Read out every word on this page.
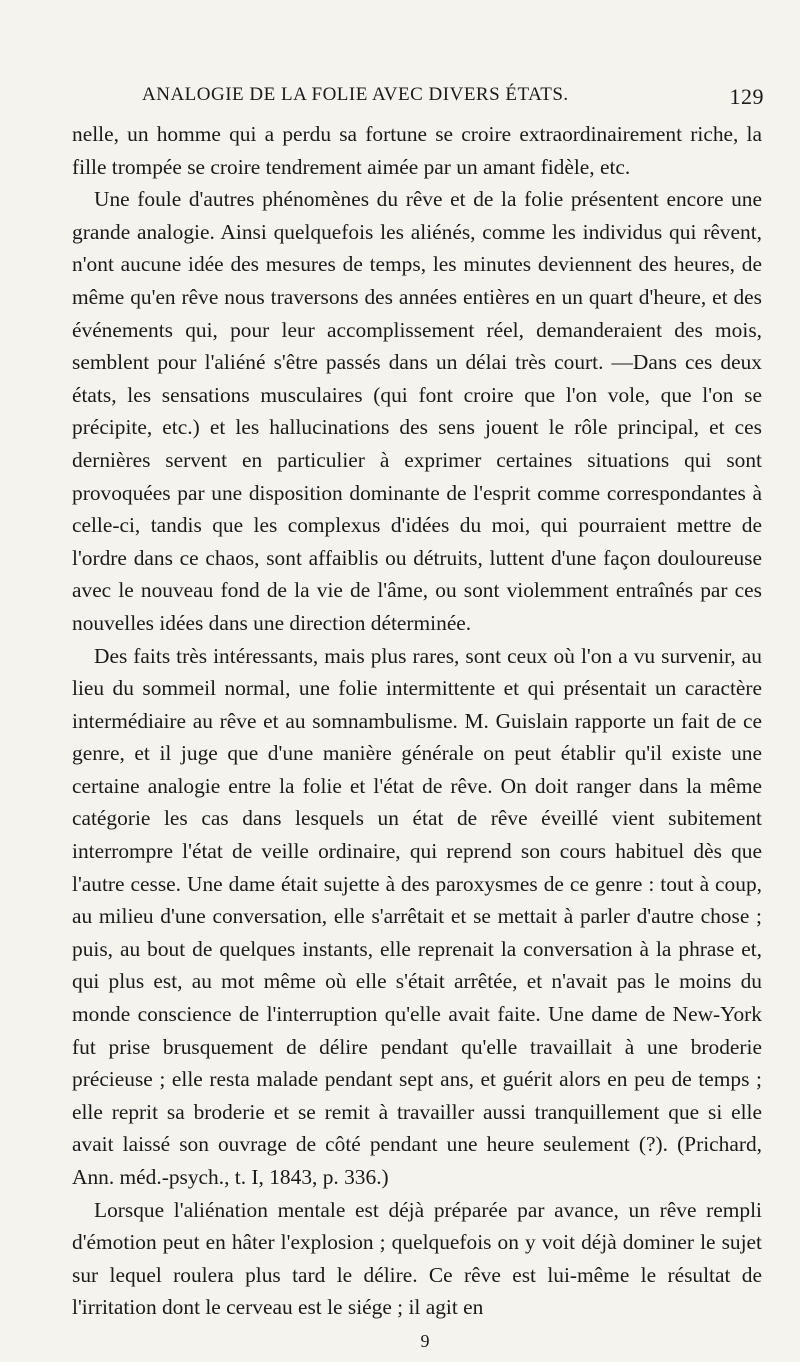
ANALOGIE DE LA FOLIE AVEC DIVERS ÉTATS.	129

nelle, un homme qui a perdu sa fortune se croire extraordinairement riche, la fille trompée se croire tendrement aimée par un amant fidèle, etc.

Une foule d'autres phénomènes du rêve et de la folie présentent encore une grande analogie. Ainsi quelquefois les aliénés, comme les individus qui rêvent, n'ont aucune idée des mesures de temps, les minutes deviennent des heures, de même qu'en rêve nous traversons des années entières en un quart d'heure, et des événements qui, pour leur accomplissement réel, demanderaient des mois, semblent pour l'aliéné s'être passés dans un délai très court. —Dans ces deux états, les sensations musculaires (qui font croire que l'on vole, que l'on se précipite, etc.) et les hallucinations des sens jouent le rôle principal, et ces dernières servent en particulier à exprimer certaines situations qui sont provoquées par une disposition dominante de l'esprit comme correspondantes à celle-ci, tandis que les complexus d'idées du moi, qui pourraient mettre de l'ordre dans ce chaos, sont affaiblis ou détruits, luttent d'une façon douloureuse avec le nouveau fond de la vie de l'âme, ou sont violemment entraînés par ces nouvelles idées dans une direction déterminée.

Des faits très intéressants, mais plus rares, sont ceux où l'on a vu survenir, au lieu du sommeil normal, une folie intermittente et qui présentait un caractère intermédiaire au rêve et au somnambulisme. M. Guislain rapporte un fait de ce genre, et il juge que d'une manière générale on peut établir qu'il existe une certaine analogie entre la folie et l'état de rêve. On doit ranger dans la même catégorie les cas dans lesquels un état de rêve éveillé vient subitement interrompre l'état de veille ordinaire, qui reprend son cours habituel dès que l'autre cesse. Une dame était sujette à des paroxysmes de ce genre : tout à coup, au milieu d'une conversation, elle s'arrêtait et se mettait à parler d'autre chose ; puis, au bout de quelques instants, elle reprenait la conversation à la phrase et, qui plus est, au mot même où elle s'était arrêtée, et n'avait pas le moins du monde conscience de l'interruption qu'elle avait faite. Une dame de New-York fut prise brusquement de délire pendant qu'elle travaillait à une broderie précieuse ; elle resta malade pendant sept ans, et guérit alors en peu de temps ; elle reprit sa broderie et se remit à travailler aussi tranquillement que si elle avait laissé son ouvrage de côté pendant une heure seulement (?). (Prichard, Ann. méd.-psych., t. I, 1843, p. 336.)

Lorsque l'aliénation mentale est déjà préparée par avance, un rêve rempli d'émotion peut en hâter l'explosion ; quelquefois on y voit déjà dominer le sujet sur lequel roulera plus tard le délire. Ce rêve est lui-même le résultat de l'irritation dont le cerveau est le siége ; il agit en

9
